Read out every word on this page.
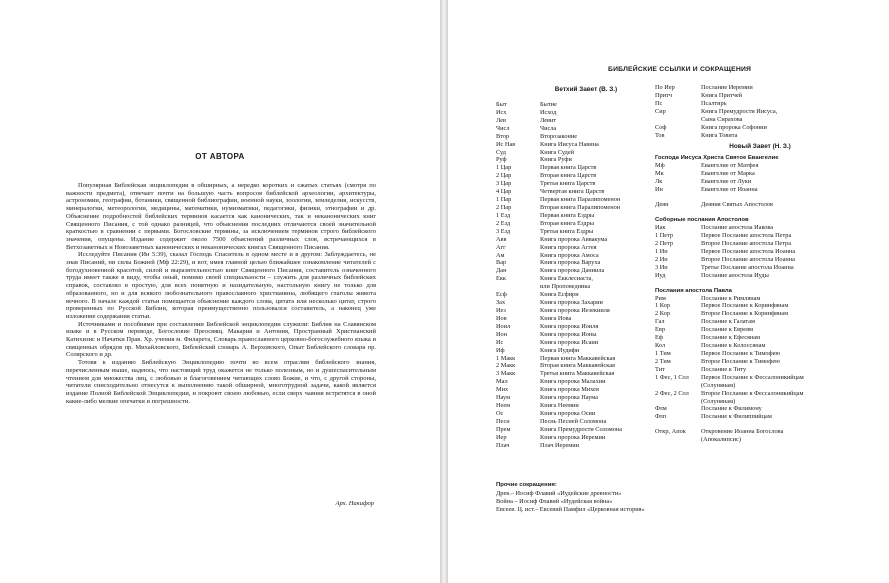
ОТ АВТОРА

Популярная Библейская энциклопедия в обширных, а нередко коротких и сжатых статьях (смотря по важности предмета), отвечает почти на большую часть вопросов библейской археологии, архитектуры, астрономии, географии, ботаники, священной библиографии, военной науки, зоологии, земледелия, искусств, минералогии, метеорологии, медицины, математики, нумизматики, педагогики, физики, этнографии и др. Объяснение подробностей библейских терминов касается как канонических, так и неканонических книг Священного Писания, с той однако разницей, что объяснения последних отличаются своей значительной краткостью в сравнении с первыми. Богословские термины, за исключением терминов строго библейского значения, опущены. Издание содержит около 7500 объяснений различных слов, встречающихся в Ветхозаветных и Новозаветных канонических и неканонических книгах Священного Писания.

Исследуйте Писания (Ин 5:39), сказал Господь Спаситель в одном месте и в другом: Заблуждаетесь, не зная Писаний, ни силы Божией (Мф 22:29), и вот, имея главной целью ближайшее ознакомление читателей с богодухновенной красотой, силой и выразительностью книг Священного Писания, составитель означенного труда имеет также в виду, чтобы оный, помимо своей специальности – служить для различных библейских справок, составлял в простую, для всех понятную и назидательную, настольную книгу не только для образованного, но и для всякого любознательного православного христианина, любящего глаголы живота вечного. В начале каждой статьи помещается объяснение каждого слова, цитата или несколько цитат, строго проверенных по Русской Библии, которая преимущественно пользовался составитель, а наконец уже изложение содержания статьи.

Источниками и пособиями при составлении Библейской энциклопедии служили: Библия на Славянском языке и в Русском переводе, Богословие Преосвящ. Макария и Антония, Пространный Христианский Катихизис и Начатки Прав. Хр. учения м. Филарета, Словарь православного церковно-богослужебного языка и священных обрядов пр. Михайловского, Библейский словарь А. Верховского, Опыт Библейского словаря пр. Солярского и др.

Тотовя к изданию Библейскую Энциклопедию почти во всем отраслям библейского знания, перечисленным выше, надеюсь, что настоящий труд окажется не только полезным, но и душеспасительным чтением для множества лиц, с любовью и благоговением читающих слово Божие, и что, с другой стороны, читатели снисходительно отнесутся к выполнению такой обширной, многотрудной задачи, какой является издание Полной Библейской Энциклопедии, и покроют своею любовью, если сверх чаяния встретятся в оной какие-либо мелкие опечатки и погрешности.

Арх. Никифор
БИБЛЕЙСКИЕ ССЫЛКИ И СОКРАЩЕНИЯ
Ветхий Завет (В. З.)
Быт	Бытие
Исх	Исход
Лев	Левит
Числ	Числа
Втор	Второзаконие
Ис Нав	Книга Иисуса Навина
Суд	Книга Судей
Руф	Книга Руфи
1 Цар	Первая книга Царств
2 Цар	Вторая книга Царств
3 Цар	Третья книга Царств
4 Цар	Четвертая книга Царств
1 Пар	Первая книга Паралипоменон
2 Пар	Вторая книга Паралипоменон
1 Езд	Первая книга Ездры
2 Езд	Вторая книга Ездры
3 Езд	Третья книга Ездры
Авв	Книга пророка Аввакума
Агг	Книга пророка Аггея
Ам	Книга пророка Амоса
Вар	Книга пророка Варуха
Дан	Книга пророка Даниила
Екк	Книга Екклесиаста,
или Проповедника
Есф	Книга Есфири
Зах	Книга пророка Захарии
Иез	Книга пророка Иезекииля
Иов	Книга Иова
Иоил	Книга пророка Иоиля
Ион	Книга пророка Ионы
Ис	Книга пророка Исаии
Иф	Книга Иудифи
1 Макк	Первая книга Маккавейская
2 Макк	Вторая книга Маккавейская
3 Макк	Третья книга Маккавейская
Мал	Книга пророка Малахии
Мих	Книга пророка Михея
Наум	Книга пророка Наума
Неем	Книга Неемии
Ос	Книга пророка Осии
Песн	Песнь Песней Соломона
Прем	Книга Премудрости Соломона
Иер	Книга пророка Иеремии
Плач	Плач Иеремии
По Иер	Послание Иеремии
Притч	Книга Притчей
Пс	Псалтирь
Сир	Книга Премудрости Иисуса,
Сына Сирахова
Соф	Книга пророка Софонии
Тов	Книга Товита
Новый Завет (Н. З.)
Господа Иисуса Христа Святое Евангелие
Мф	Евангелие от Матфея
Мк	Евангелие от Марка
Лк	Евангелие от Луки
Ин	Евангелие от Иоанна
Деян	Деяния Святых Апостолов
Соборные послания Апостолов
Иак	Послание апостола Иакова
1 Петр	Первое Послание апостола Петра
2 Петр	Второе Послание апостола Петра
1 Ин	Первое Послание апостола Иоанна
2 Ин	Второе Послание апостола Иоанна
3 Ин	Третье Послание апостола Иоанна
Иуд	Послание апостола Иуды
Послания апостола Павла
Рим	Послание к Римлянам
1 Кор	Первое Послание к Коринфянам
2 Кор	Второе Послание к Коринфянам
Гал	Послание к Галатам
Евр	Послание к Евреям
Еф	Послание к Ефесянам
Кол	Послание к Колоссянам
1 Тим	Первое Послание к Тимофею
2 Тим	Второе Послание к Тимофею
Тит	Послание к Титу
1 Фес, 1 Сол	Первое Послание к Фессалоникийцам
(Солунянам)
2 Фес, 2 Сол	Второе Послание к Фессалоникийцам
(Солунянам)
Флм	Послание к Филимону
Флп	Послание к Филиппийцам
Откр, Апок	Откровение Иоанна Богослова
(Апокалипсис)
Прочие сокращения:
Древ.– Иосиф Флавий «Иудейские древности»
Война – Иосиф Флавий «Иудейская война»
Евсеев. Ц. ист.– Евсевий Памфил «Церковная история»
